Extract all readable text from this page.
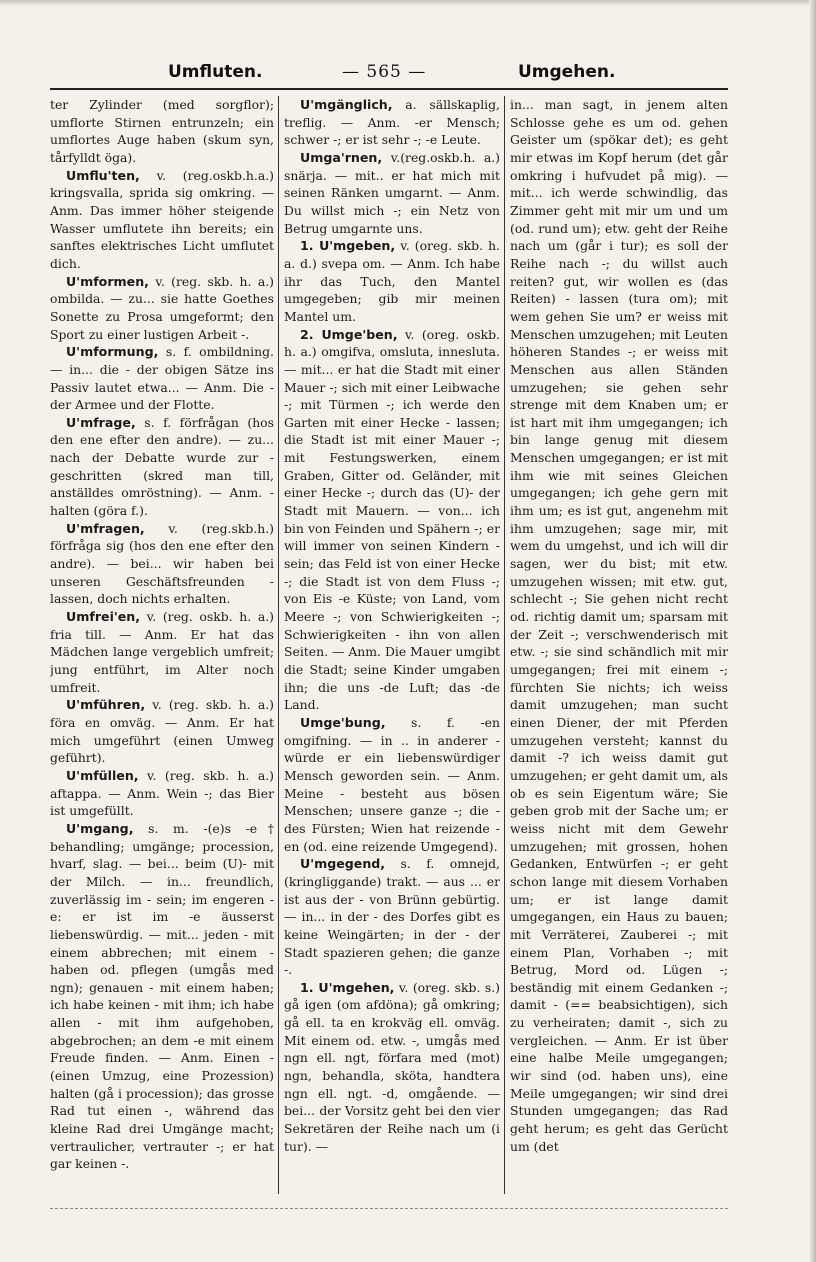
Umfluten.	— 565 —	Umgehen.

ter Zylinder (med sorgflor); umflorte Stirnen entrunzeln; ein umflortes Auge haben (skum syn, tårfylldt öga).

Umflu'ten, v. (reg.oskb.h.a.) kringsvalla, sprida sig omkring. — Anm. Das immer höher steigende Wasser umflutete ihn bereits; ein sanftes elektrisches Licht umflutet dich.

U'mformen, v. (reg. skb. h. a.) ombilda. — zu... sie hatte Goethes Sonette zu Prosa umgeformt; den Sport zu einer lustigen Arbeit -.

U'mformung, s. f. ombildning. — in... die - der obigen Sätze ins Passiv lautet etwa... — Anm. Die - der Armee und der Flotte.

U'mfrage, s. f. förfrågan (hos den ene efter den andre). — zu... nach der Debatte wurde zur - geschritten (skred man till, anställdes omröstning). — Anm. - halten (göra f.).

U'mfragen, v. (reg.skb.h.) förfråga sig (hos den ene efter den andre). — bei... wir haben bei unseren Geschäftsfreunden - lassen, doch nichts erhalten.

Umfrei'en, v. (reg. oskb. h. a.) fria till. — Anm. Er hat das Mädchen lange vergeblich umfreit; jung entführt, im Alter noch umfreit.

U'mführen, v. (reg. skb. h. a.) föra en omväg. — Anm. Er hat mich umgeführt (einen Umweg geführt).

U'mfüllen, v. (reg. skb. h. a.) aftappa. — Anm. Wein -; das Bier ist umgefüllt.

U'mgang, s. m. -(e)s -e† behandling; umgänge; procession, hvarf, slag. — bei... beim (U)- mit der Milch. — in... freundlich, zuverlässig im - sein; im engeren -e: er ist im -e äusserst liebenswürdig. — mit... jeden - mit einem abbrechen; mit einem - haben od. pflegen (umgås med ngn); genauen - mit einem haben; ich habe keinen - mit ihm; ich habe allen - mit ihm aufgehoben, abgebrochen; an dem -e mit einem Freude finden. — Anm. Einen - (einen Umzug, eine Prozession) halten (gå i procession); das grosse Rad tut einen -, während das kleine Rad drei Umgänge macht; vertraulicher, vertrauter -; er hat gar keinen -.

U'mgänglich, a. sällskaplig, treflig. — Anm. -er Mensch; schwer -; er ist sehr -; -e Leute.

Umga'rnen, v.(reg.oskb.h. a.) snärja. — mit.. er hat mich mit seinen Ränken umgarnt. — Anm. Du willst mich -; ein Netz von Betrug umgarnte uns.

1. U'mgeben, v. (oreg. skb. h. a. d.) svepa om. — Anm. Ich habe ihr das Tuch, den Mantel umgegeben; gib mir meinen Mantel um.

2. Umge'ben, v. (oreg. oskb. h. a.) omgifva, omsluta, innesluta. — mit... er hat die Stadt mit einer Mauer -; sich mit einer Leibwache -; mit Türmen -; ich werde den Garten mit einer Hecke - lassen; die Stadt ist mit einer Mauer -; mit Festungswerken, einem Graben, Gitter od. Geländer, mit einer Hecke -; durch das (U)- der Stadt mit Mauern. — von... ich bin von Feinden und Spähern -; er will immer von seinen Kindern - sein; das Feld ist von einer Hecke -; die Stadt ist von dem Fluss -; von Eis -e Küste; von Land, vom Meere -; von Schwierigkeiten -; Schwierigkeiten - ihn von allen Seiten. — Anm. Die Mauer umgibt die Stadt; seine Kinder umgaben ihn; die uns -de Luft; das -de Land.

Umge'bung, s. f. -en omgifning. — in .. in anderer - würde er ein liebenswürdiger Mensch geworden sein. — Anm. Meine - besteht aus bösen Menschen; unsere ganze -; die - des Fürsten; Wien hat reizende -en (od. eine reizende Umgegend).

U'mgegend, s. f. omnejd, (kringliggande) trakt. — aus ... er ist aus der - von Brünn gebürtig. — in... in der - des Dorfes gibt es keine Weingärten; in der - der Stadt spazieren gehen; die ganze -.

1. U'mgehen, v. (oreg. skb. s.) gå igen (om afdöna); gå omkring; gå ell. ta en krokväg ell. omväg. Mit einem od. etw. -, umgås med ngn ell. ngt, förfara med (mot) ngn, behandla, sköta, handtera ngn ell. ngt. -d, omgående. — bei... der Vorsitz geht bei den vier Sekretären der Reihe nach um (i tur). —

in... man sagt, in jenem alten Schlosse gehe es um od. gehen Geister um (spökar det); es geht mir etwas im Kopf herum (det går omkring i hufvudet på mig). — mit... ich werde schwindlig, das Zimmer geht mit mir um und um (od. rund um); etw. geht der Reihe nach um (går i tur); es soll der Reihe nach -; du willst auch reiten? gut, wir wollen es (das Reiten) - lassen (tura om); mit wem gehen Sie um? er weiss mit Menschen umzugehen; mit Leuten höheren Standes -; er weiss mit Menschen aus allen Ständen umzugehen; sie gehen sehr strenge mit dem Knaben um; er ist hart mit ihm umgegangen; ich bin lange genug mit diesem Menschen umgegangen; er ist mit ihm wie mit seines Gleichen umgegangen; ich gehe gern mit ihm um; es ist gut, angenehm mit ihm umzugehen; sage mir, mit wem du umgehst, und ich will dir sagen, wer du bist; mit etw. umzugehen wissen; mit etw. gut, schlecht -; Sie gehen nicht recht od. richtig damit um; sparsam mit der Zeit -; verschwenderisch mit etw. -; sie sind schändlich mit mir umgegangen; frei mit einem -; fürchten Sie nichts; ich weiss damit umzugehen; man sucht einen Diener, der mit Pferden umzugehen versteht; kannst du damit -? ich weiss damit gut umzugehen; er geht damit um, als ob es sein Eigentum wäre; Sie geben grob mit der Sache um; er weiss nicht mit dem Gewehr umzugehen; mit grossen, hohen Gedanken, Entwürfen -; er geht schon lange mit diesem Vorhaben um; er ist lange damit umgegangen, ein Haus zu bauen; mit Verräterei, Zauberei -; mit einem Plan, Vorhaben -; mit Betrug, Mord od. Lügen -; beständig mit einem Gedanken -; damit - (== beabsichtigen), sich zu verheiraten; damit -, sich zu vergleichen. — Anm. Er ist über eine halbe Meile umgegangen; wir sind (od. haben uns), eine Meile umgegangen; wir sind drei Stunden umgegangen; das Rad geht herum; es geht das Gerücht um (det
